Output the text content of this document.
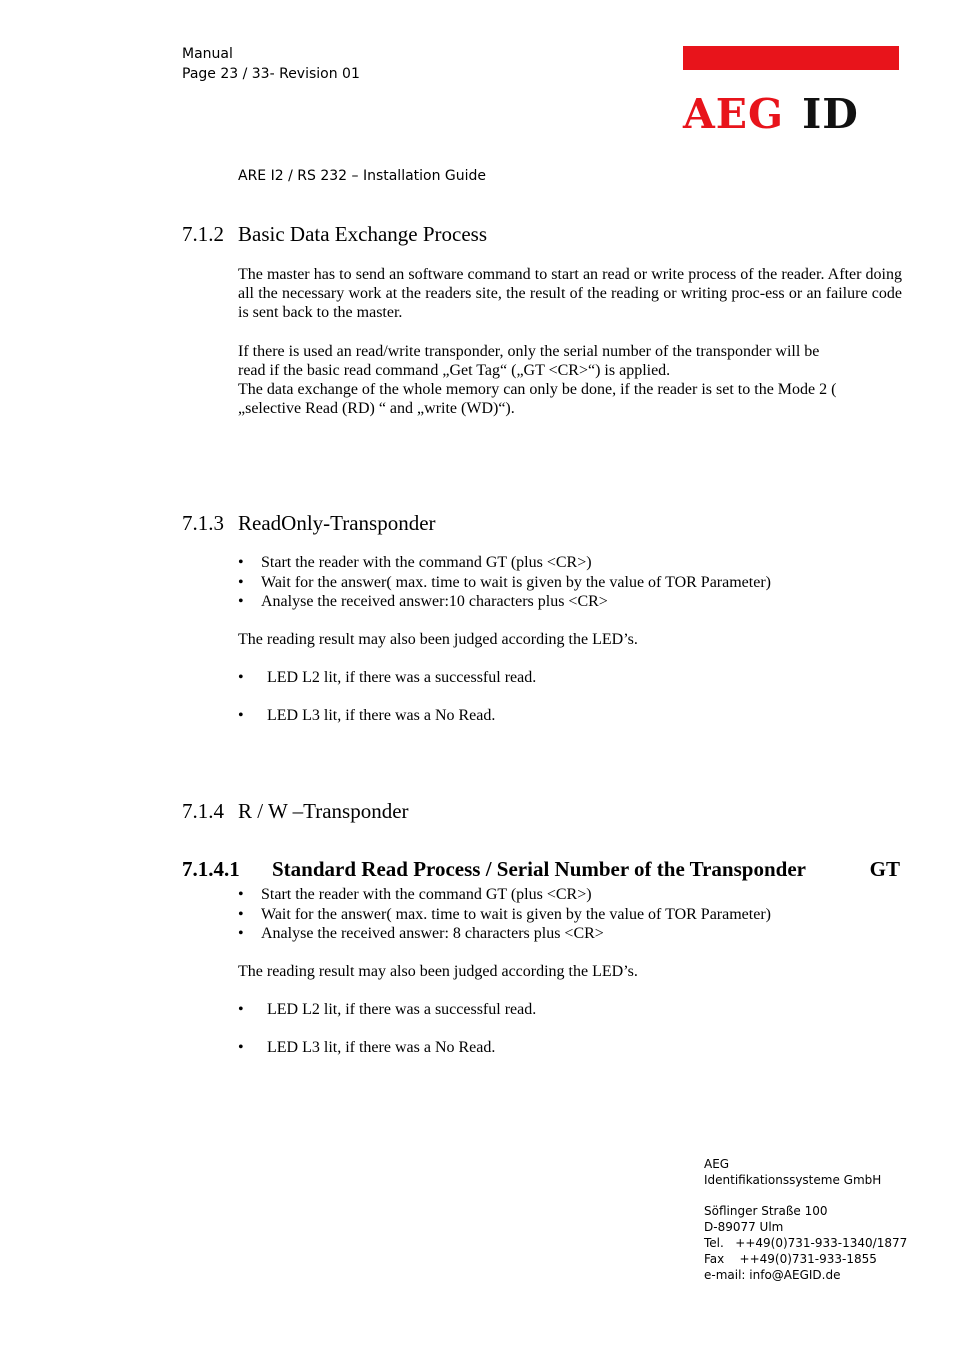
Manual
Page 23 / 33- Revision 01
AEG ID
ARE I2 / RS 232 – Installation Guide
7.1.2 Basic Data Exchange Process
The master has to send an software command to start an read or write process of the reader. After doing all the necessary work at the readers site, the result of the reading or writing proc-ess or an failure code is sent back to the master.
If there is used an read/write transponder, only the serial number of the transponder will be
read if the basic read command „Get Tag“ („GT <CR>“) is applied.
The data exchange of the whole memory can only be done, if the reader is set to the Mode 2 (
„selective Read (RD) “ and „write (WD)“).
7.1.3 ReadOnly-Transponder
• Start the reader with the command GT (plus <CR>)
• Wait for the answer( max. time to wait is given by the value of TOR Parameter)
• Analyse the received answer:10 characters plus <CR>
The reading result may also been judged according the LED’s.
• LED L2 lit, if there was a successful read.
• LED L3 lit, if there was a No Read.
7.1.4 R / W –Transponder
7.1.4.1 Standard Read Process / Serial Number of the Transponder	GT
• Start the reader with the command GT (plus <CR>)
• Wait for the answer( max. time to wait is given by the value of TOR Parameter)
• Analyse the received answer: 8 characters plus <CR>
The reading result may also been judged according the LED’s.
• LED L2 lit, if there was a successful read.
• LED L3 lit, if there was a No Read.
AEG
Identifikationssysteme GmbH
Söflinger Straße 100
D-89077 Ulm
Tel.   ++49(0)731-933-1340/1877
Fax    ++49(0)731-933-1855
e-mail: info@AEGID.de
